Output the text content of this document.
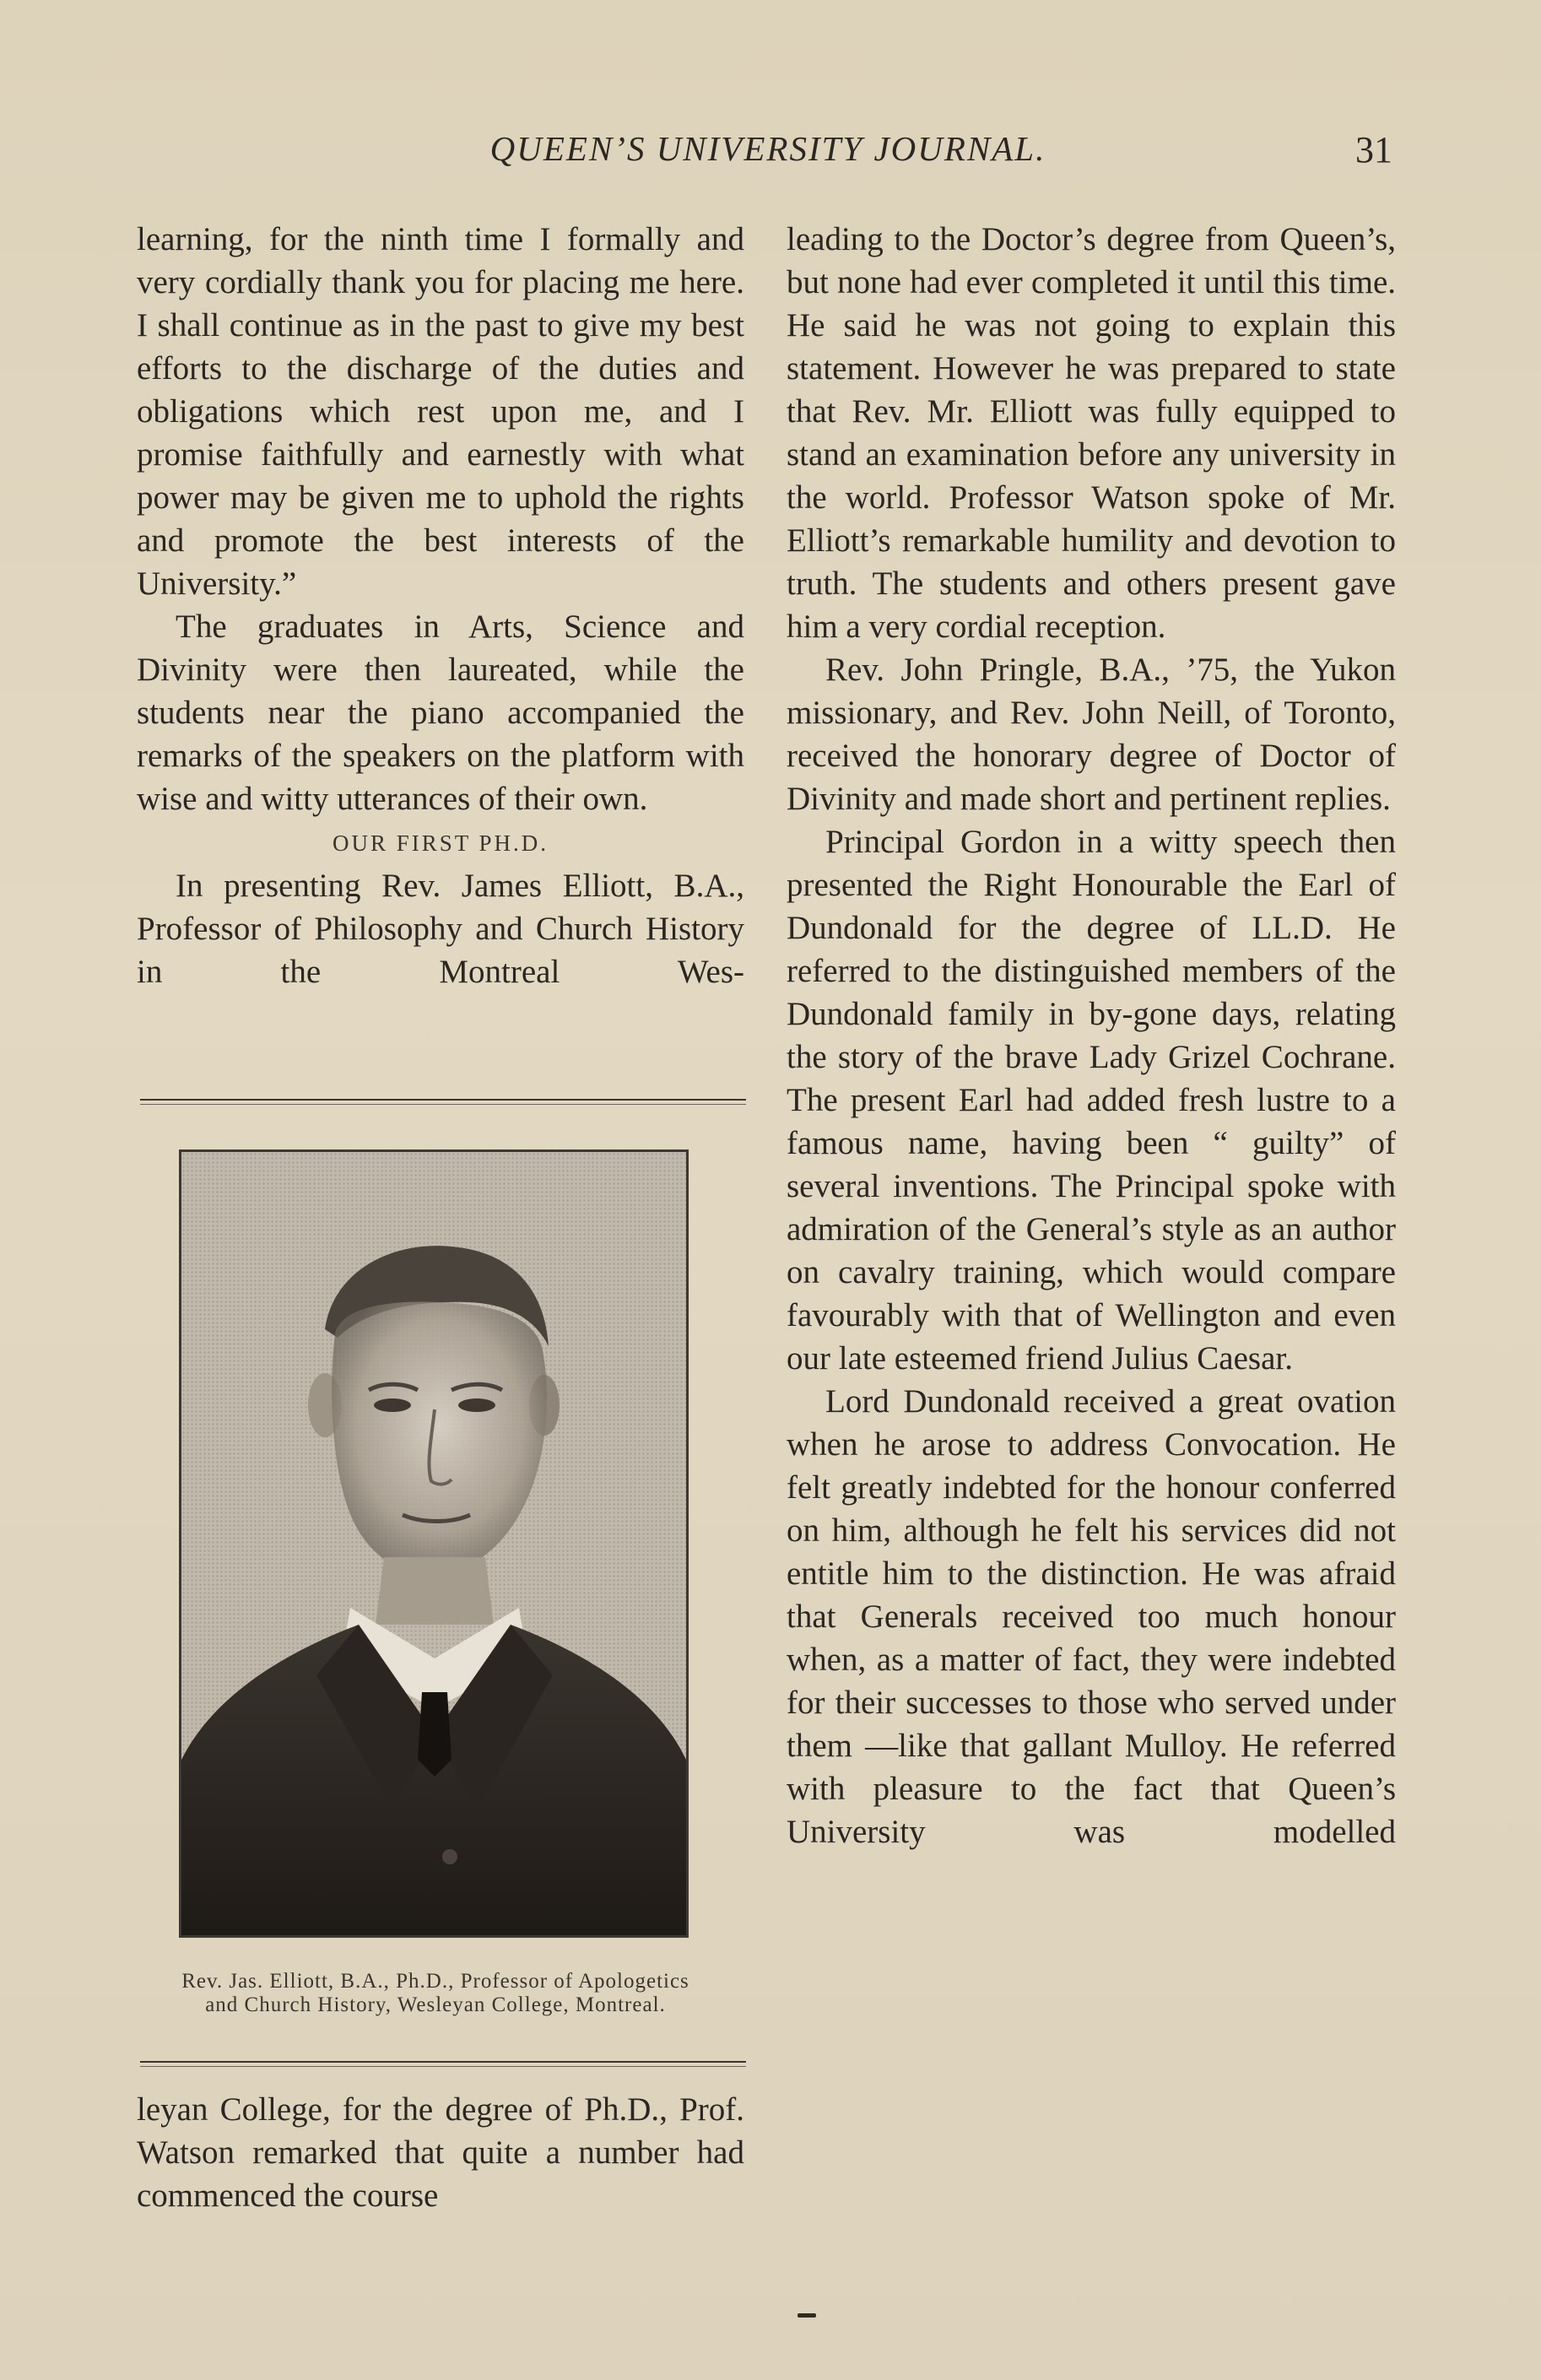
QUEEN’S UNIVERSITY JOURNAL.	31

learning, for the ninth time I formally and very cordially thank you for placing me here. I shall continue as in the past to give my best efforts to the discharge of the duties and obligations which rest upon me, and I promise faithfully and earnestly with what power may be given me to uphold the rights and promote the best interests of the University.”

The graduates in Arts, Science and Divinity were then laureated, while the students near the piano accompanied the remarks of the speakers on the platform with wise and witty utterances of their own.

OUR FIRST PH.D.

In presenting Rev. James Elliott, B.A., Professor of Philosophy and Church History in the Montreal Wes-

Rev. Jas. Elliott, B.A., Ph.D., Professor of Apologetics and Church History, Wesleyan College, Montreal.

leyan College, for the degree of Ph.D., Prof. Watson remarked that quite a number had commenced the course

leading to the Doctor’s degree from Queen’s, but none had ever completed it until this time. He said he was not going to explain this statement. However he was prepared to state that Rev. Mr. Elliott was fully equipped to stand an examination before any university in the world. Professor Watson spoke of Mr. Elliott’s remarkable humility and devotion to truth. The students and others present gave him a very cordial reception.

Rev. John Pringle, B.A., ’75, the Yukon missionary, and Rev. John Neill, of Toronto, received the honorary degree of Doctor of Divinity and made short and pertinent replies.

Principal Gordon in a witty speech then presented the Right Honourable the Earl of Dundonald for the degree of LL.D. He referred to the distinguished members of the Dundonald family in by-gone days, relating the story of the brave Lady Grizel Cochrane. The present Earl had added fresh lustre to a famous name, having been “ guilty” of several inventions. The Principal spoke with admiration of the General’s style as an author on cavalry training, which would compare favourably with that of Wellington and even our late esteemed friend Julius Caesar.

Lord Dundonald received a great ovation when he arose to address Convocation. He felt greatly indebted for the honour conferred on him, although he felt his services did not entitle him to the distinction. He was afraid that Generals received too much honour when, as a matter of fact, they were indebted for their successes to those who served under them —like that gallant Mulloy. He referred with pleasure to the fact that Queen’s University was modelled
